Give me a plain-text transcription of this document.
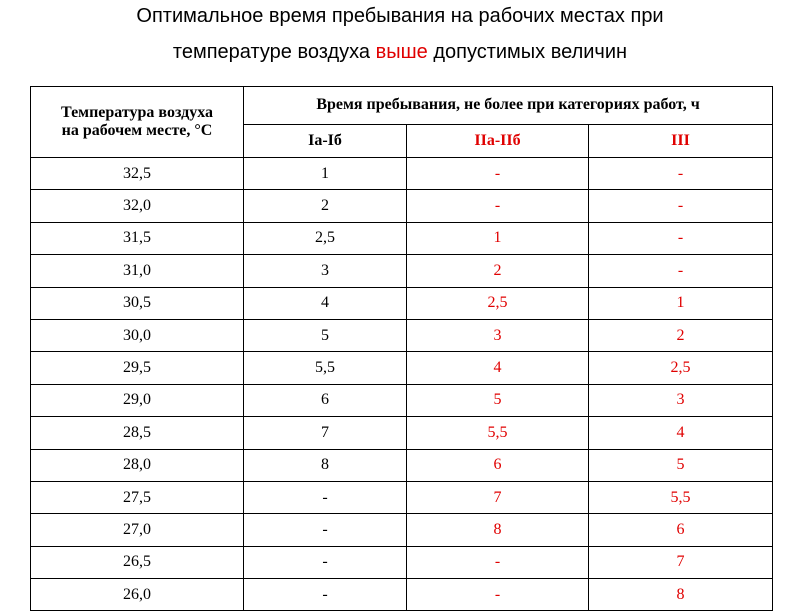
Оптимальное время пребывания на рабочих местах при
температуре воздуха выше допустимых величин
Температура воздуха
на рабочем месте, °С	Время пребывания, не более при категориях работ, ч		
	Iа-Iб	IIа-IIб	III
32,5	1	-	-
32,0	2	-	-
31,5	2,5	1	-
31,0	3	2	-
30,5	4	2,5	1
30,0	5	3	2
29,5	5,5	4	2,5
29,0	6	5	3
28,5	7	5,5	4
28,0	8	6	5
27,5	-	7	5,5
27,0	-	8	6
26,5	-	-	7
26,0	-	-	8
